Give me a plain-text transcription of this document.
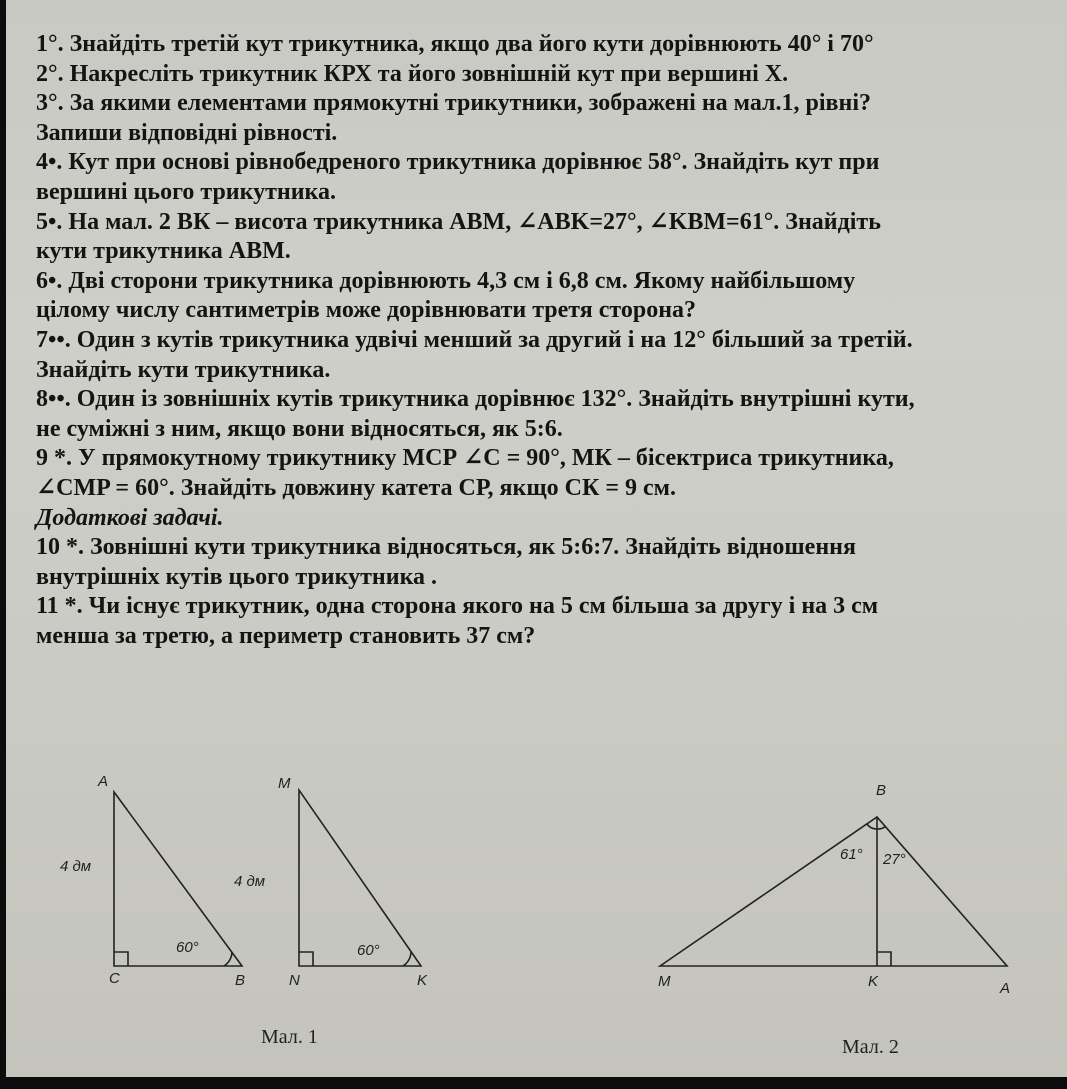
1°. Знайдіть третій кут трикутника, якщо два його кути дорівнюють 40° і 70°
2°. Накресліть трикутник КРХ та його зовнішній кут при вершині Х.
3°. За якими елементами прямокутні трикутники, зображені на мал.1, рівні?
Запиши відповідні рівності.
4•. Кут при основі рівнобедреного трикутника дорівнює 58°. Знайдіть кут при
вершині цього трикутника.
5•. На мал. 2 ВК – висота трикутника АВМ, ∠ABK=27°, ∠KBM=61°. Знайдіть
кути трикутника АВМ.
6•. Дві сторони трикутника дорівнюють 4,3 см і 6,8 см. Якому найбільшому
цілому числу сантиметрів може дорівнювати третя сторона?
7••. Один з кутів трикутника удвічі менший за другий і на 12° більший за третій.
Знайдіть кути трикутника.
8••. Один із зовнішніх кутів трикутника дорівнює 132°. Знайдіть внутрішні кути,
не суміжні з ним, якщо вони відносяться, як 5:6.
9 *. У прямокутному трикутнику МСР ∠C = 90°, МК – бісектриса трикутника,
∠CMP = 60°. Знайдіть довжину катета СР, якщо СК = 9 см.
Додаткові задачі.
10 *. Зовнішні кути трикутника відносяться, як 5:6:7. Знайдіть відношення
внутрішніх кутів цього трикутника .
11 *. Чи існує трикутник, одна сторона якого на 5 см більша за другу і на 3 см
менша за третю, а периметр становить 37 см?
A
4 дм
60°
C	B
M
4 дм
60°
N	K
Мал. 1
B
61° 27°
M	K	A
Мал. 2
